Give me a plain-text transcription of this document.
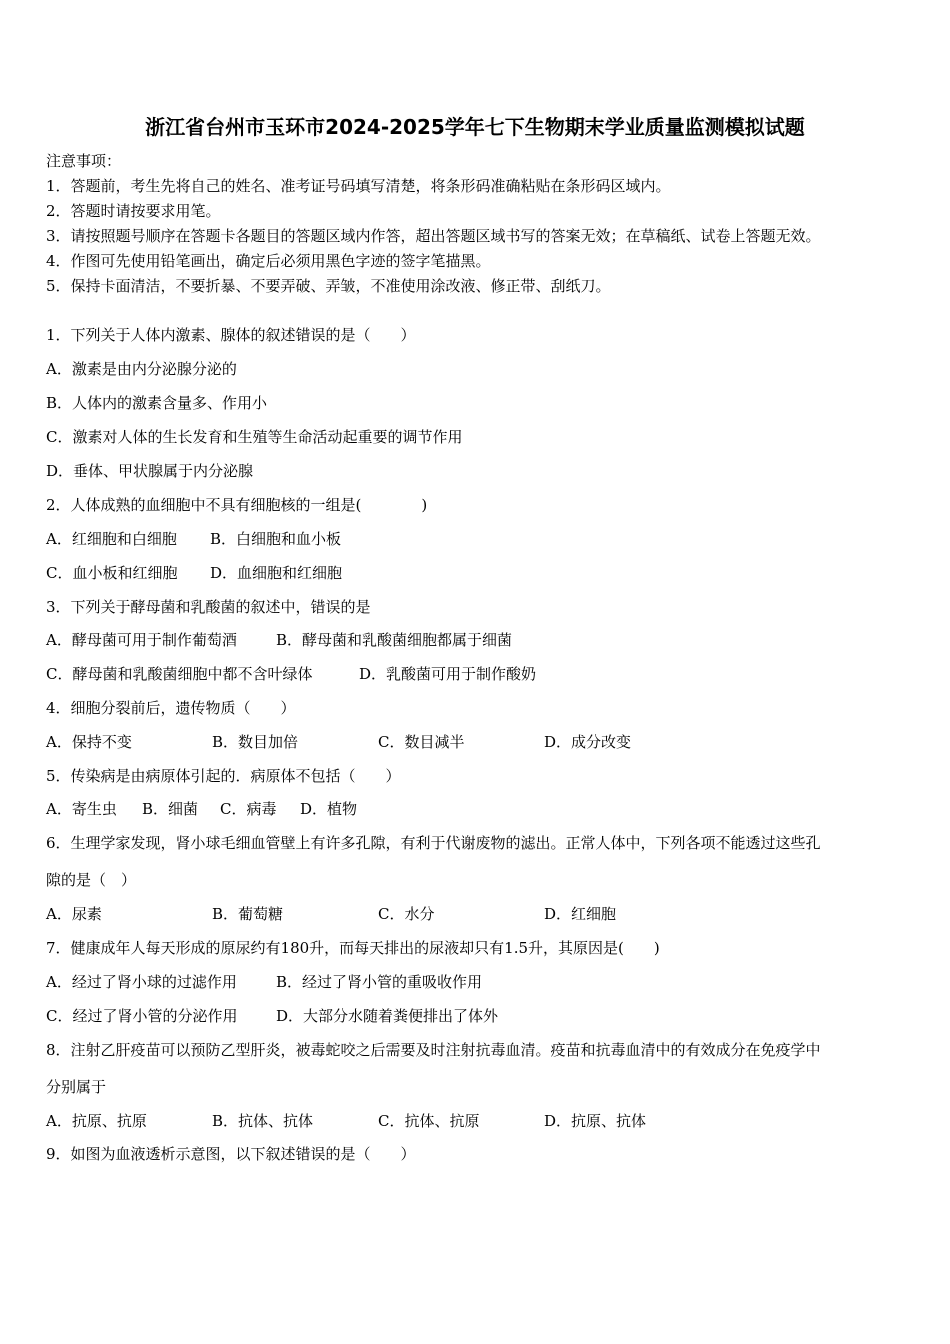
浙江省台州市玉环市2024-2025学年七下生物期末学业质量监测模拟试题
注意事项：
1．答题前，考生先将自己的姓名、准考证号码填写清楚，将条形码准确粘贴在条形码区域内。
2．答题时请按要求用笔。
3．请按照题号顺序在答题卡各题目的答题区域内作答，超出答题区域书写的答案无效；在草稿纸、试卷上答题无效。
4．作图可先使用铅笔画出，确定后必须用黑色字迹的签字笔描黑。
5．保持卡面清洁，不要折暴、不要弄破、弄皱，不准使用涂改液、修正带、刮纸刀。
1．下列关于人体内激素、腺体的叙述错误的是（　　）
A．激素是由内分泌腺分泌的
B．人体内的激素含量多、作用小
C．激素对人体的生长发育和生殖等生命活动起重要的调节作用
D．垂体、甲状腺属于内分泌腺
2．人体成熟的血细胞中不具有细胞核的一组是(　　　　)
A．红细胞和白细胞 B．白细胞和血小板
C．血小板和红细胞 D．血细胞和红细胞
3．下列关于酵母菌和乳酸菌的叙述中，错误的是
A．酵母菌可用于制作葡萄酒	B．酵母菌和乳酸菌细胞都属于细菌
C．酵母菌和乳酸菌细胞中都不含叶绿体	D．乳酸菌可用于制作酸奶
4．细胞分裂前后，遗传物质（　　）
A．保持不变	B．数目加倍	C．数目减半	D．成分改变
5．传染病是由病原体引起的．病原体不包括（　　）
A．寄生虫 B．细菌 C．病毒 D．植物
6．生理学家发现，肾小球毛细血管壁上有许多孔隙，有利于代谢废物的滤出。正常人体中，下列各项不能透过这些孔
隙的是（　）
A．尿素	B．葡萄糖	C．水分	D．红细胞
7．健康成年人每天形成的原尿约有180升，而每天排出的尿液却只有1.5升，其原因是(　　)
A．经过了肾小球的过滤作用	B．经过了肾小管的重吸收作用
C．经过了肾小管的分泌作用	D．大部分水随着粪便排出了体外
8．注射乙肝疫苗可以预防乙型肝炎，被毒蛇咬之后需要及时注射抗毒血清。疫苗和抗毒血清中的有效成分在免疫学中
分别属于
A．抗原、抗原	B．抗体、抗体	C．抗体、抗原	D．抗原、抗体
9．如图为血液透析示意图，以下叙述错误的是（　　）
